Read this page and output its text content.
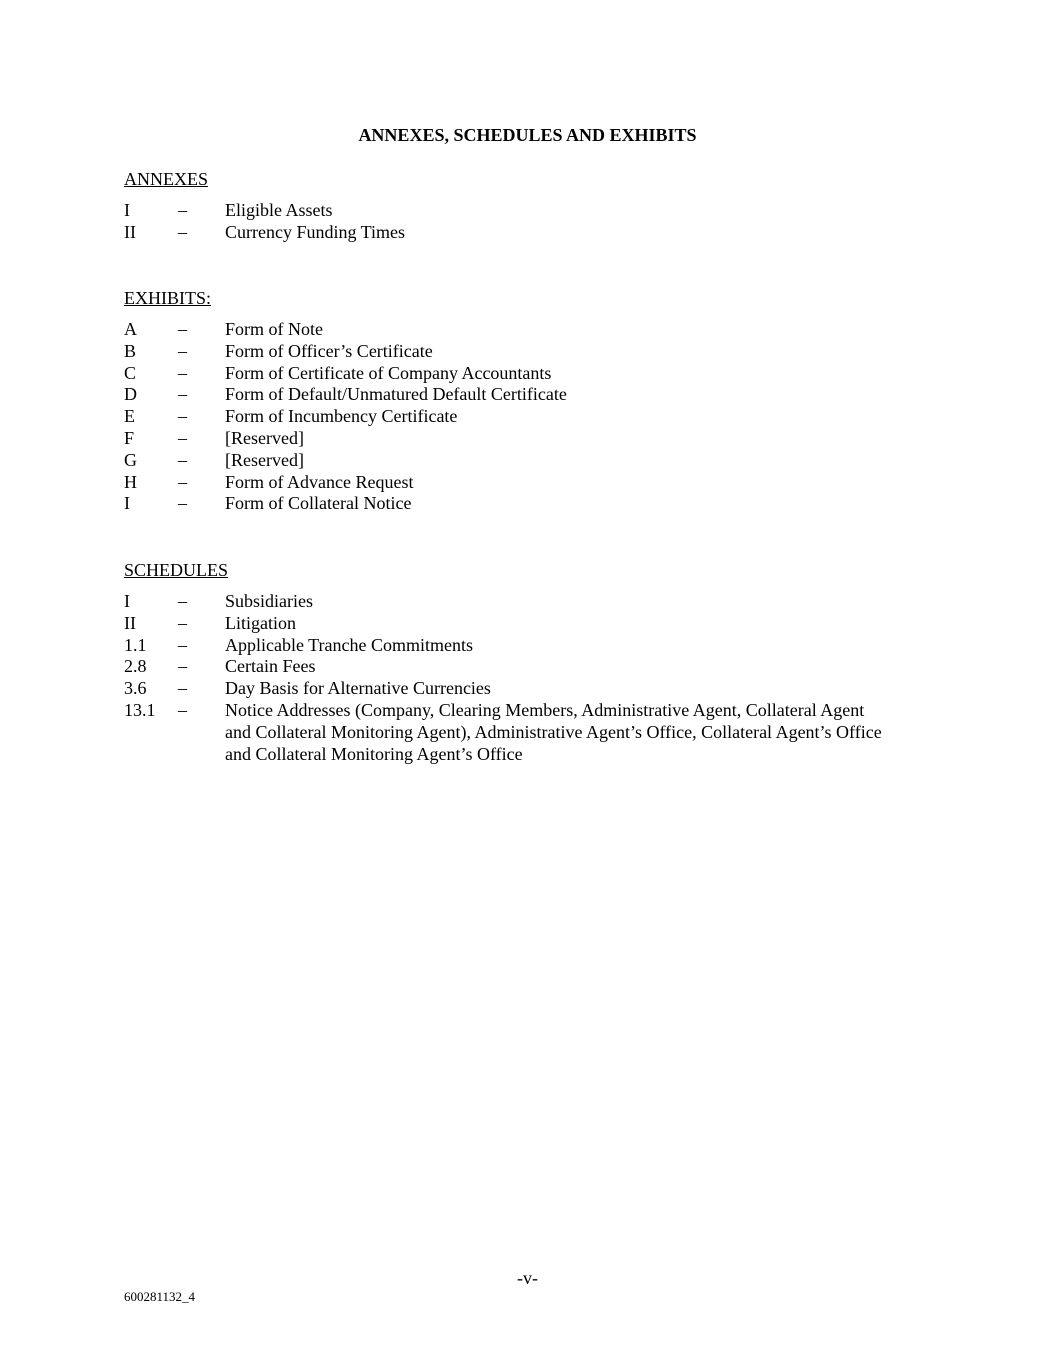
ANNEXES, SCHEDULES AND EXHIBITS
ANNEXES
I	–	Eligible Assets
II	–	Currency Funding Times
EXHIBITS:
A	–	Form of Note
B	–	Form of Officer’s Certificate
C	–	Form of Certificate of Company Accountants
D	–	Form of Default/Unmatured Default Certificate
E	–	Form of Incumbency Certificate
F	–	[Reserved]
G	–	[Reserved]
H	–	Form of Advance Request
I	–	Form of Collateral Notice
SCHEDULES
I	–	Subsidiaries
II	–	Litigation
1.1	–	Applicable Tranche Commitments
2.8	–	Certain Fees
3.6	–	Day Basis for Alternative Currencies
13.1	–	Notice Addresses (Company, Clearing Members, Administrative Agent, Collateral Agent and Collateral Monitoring Agent), Administrative Agent’s Office, Collateral Agent’s Office and Collateral Monitoring Agent’s Office
-v-
600281132_4
